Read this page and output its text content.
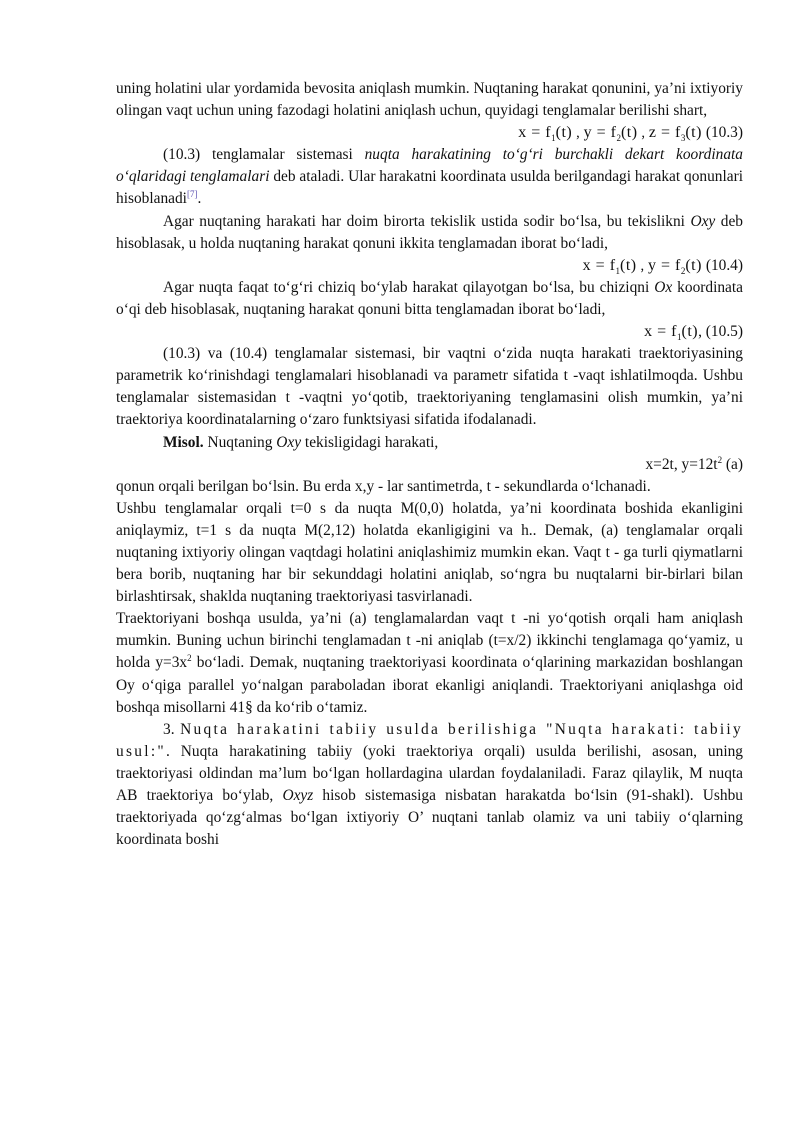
uning holatini ular yordamida bevosita aniqlash mumkin. Nuqtaning harakat qonunini, ya’ni ixtiyoriy olingan vaqt uchun uning fazodagi holatini aniqlash uchun, quyidagi tenglamalar berilishi shart,

$x = f_1(t)$ , $y = f_2(t)$ , $z = f_3(t)$ (10.3)

(10.3) tenglamalar sistemasi nuqta harakatining to‘g‘ri burchakli dekart koordinata o‘qlaridagi tenglamalari deb ataladi. Ular harakatni koordinata usulda berilgandagi harakat qonunlari hisoblanadi[7].

Agar nuqtaning harakati har doim birorta tekislik ustida sodir bo‘lsa, bu tekislikni Oxy deb hisoblasak, u holda nuqtaning harakat qonuni ikkita tenglamadan iborat bo‘ladi,

$x = f_1(t)$ , $y = f_2(t)$ (10.4)

Agar nuqta faqat to‘g‘ri chiziq bo‘ylab harakat qilayotgan bo‘lsa, bu chiziqni Ox koordinata o‘qi deb hisoblasak, nuqtaning harakat qonuni bitta tenglamadan iborat bo‘ladi,

$x = f_1(t)$, (10.5)

(10.3) va (10.4) tenglamalar sistemasi, bir vaqtni o‘zida nuqta harakati traektoriyasining parametrik ko‘rinishdagi tenglamalari hisoblanadi va parametr sifatida t -vaqt ishlatilmoqda. Ushbu tenglamalar sistemasidan t -vaqtni yo‘qotib, traektoriyaning tenglamasini olish mumkin, ya’ni traektoriya koordinatalarning o‘zaro funktsiyasi sifatida ifodalanadi.

Misol. Nuqtaning Oxy tekisligidagi harakati,

x=2t, $y=12t^2$ (a)

qonun orqali berilgan bo‘lsin. Bu erda x,y - lar santimetrda, t - sekundlarda o‘lchanadi.

Ushbu tenglamalar orqali t=0 s da nuqta M(0,0) holatda, ya’ni koordinata boshida ekanligini aniqlaymiz, t=1 s da nuqta M(2,12) holatda ekanligigini va h.. Demak, (a) tenglamalar orqali nuqtaning ixtiyoriy olingan vaqtdagi holatini aniqlashimiz mumkin ekan. Vaqt t - ga turli qiymatlarni bera borib, nuqtaning har bir sekunddagi holatini aniqlab, so‘ngra bu nuqtalarni bir-birlari bilan birlashtirsak, shaklda nuqtaning traektoriyasi tasvirlanadi.

Traektoriyani boshqa usulda, ya’ni (a) tenglamalardan vaqt t -ni yo‘qotish orqali ham aniqlash mumkin. Buning uchun birinchi tenglamadan t -ni aniqlab (t=x/2) ikkinchi tenglamaga qo‘yamiz, u holda $y=3x^2$ bo‘ladi. Demak, nuqtaning traektoriyasi koordinata o‘qlarining markazidan boshlangan Oy o‘qiga parallel yo‘nalgan paraboladan iborat ekanligi aniqlandi. Traektoriyani aniqlashga oid boshqa misollarni 41§ da ko‘rib o‘tamiz.

3. Nuqta harakatini tabiiy usulda berilishiga "Nuqta harakati: tabiiy usul:". Nuqta harakatining tabiiy (yoki traektoriya orqali) usulda berilishi, asosan, uning traektoriyasi oldindan ma’lum bo‘lgan hollardagina ulardan foydalaniladi. Faraz qilaylik, M nuqta AB traektoriya bo‘ylab, Oxyz hisob sistemasiga nisbatan harakatda bo‘lsin (91-shakl). Ushbu traektoriyada qo‘zg‘almas bo‘lgan ixtiyoriy O’ nuqtani tanlab olamiz va uni tabiiy o‘qlarning koordinata boshi
